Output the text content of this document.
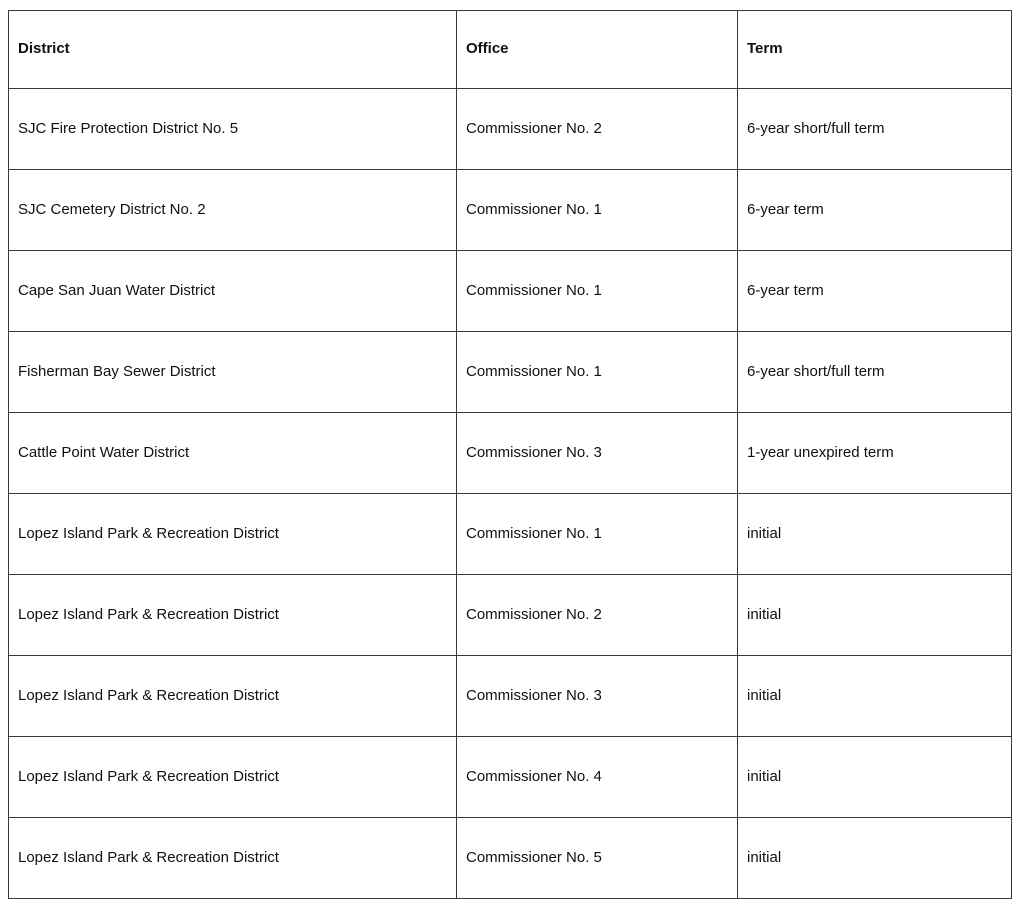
District	Office	Term
SJC Fire Protection District No. 5	Commissioner No. 2	6-year short/full term
SJC Cemetery District No. 2	Commissioner No. 1	6-year term
Cape San Juan Water District	Commissioner No. 1	6-year term
Fisherman Bay Sewer District	Commissioner No. 1	6-year short/full term
Cattle Point Water District	Commissioner No. 3	1-year unexpired term
Lopez Island Park & Recreation District	Commissioner No. 1	initial
Lopez Island Park & Recreation District	Commissioner No. 2	initial
Lopez Island Park & Recreation District	Commissioner No. 3	initial
Lopez Island Park & Recreation District	Commissioner No. 4	initial
Lopez Island Park & Recreation District	Commissioner No. 5	initial
